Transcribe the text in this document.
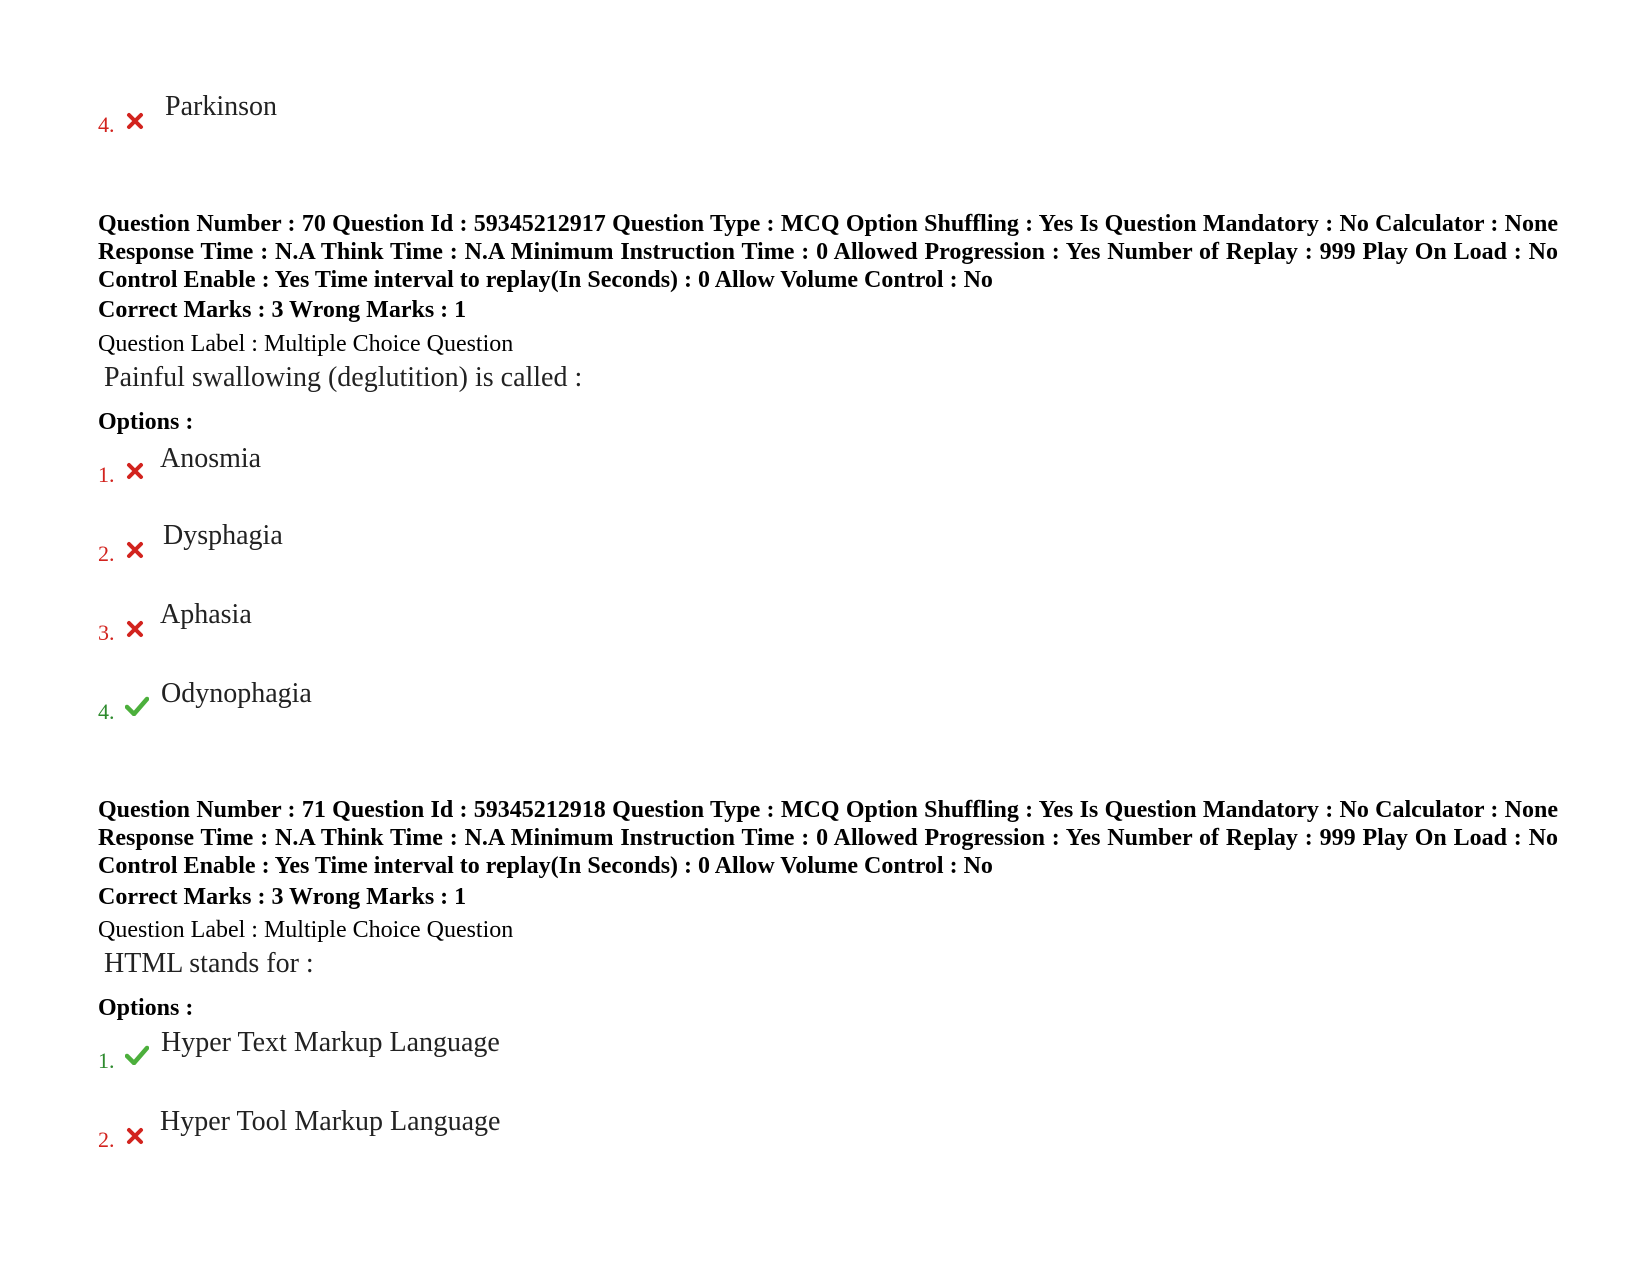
4.
Parkinson
Question Number : 70 Question Id : 59345212917 Question Type : MCQ Option Shuffling : Yes Is Question Mandatory : No Calculator : None Response Time : N.A Think Time : N.A Minimum Instruction Time : 0 Allowed Progression : Yes Number of Replay : 999 Play On Load : No Control Enable : Yes Time interval to replay(In Seconds) : 0 Allow Volume Control : No
Correct Marks : 3 Wrong Marks : 1
Question Label : Multiple Choice Question
Painful swallowing (deglutition) is called :
Options :
1.
Anosmia
2.
Dysphagia
3.
Aphasia
4.
Odynophagia
Question Number : 71 Question Id : 59345212918 Question Type : MCQ Option Shuffling : Yes Is Question Mandatory : No Calculator : None Response Time : N.A Think Time : N.A Minimum Instruction Time : 0 Allowed Progression : Yes Number of Replay : 999 Play On Load : No Control Enable : Yes Time interval to replay(In Seconds) : 0 Allow Volume Control : No
Correct Marks : 3 Wrong Marks : 1
Question Label : Multiple Choice Question
HTML stands for :
Options :
1.
Hyper Text Markup Language
2.
Hyper Tool Markup Language
